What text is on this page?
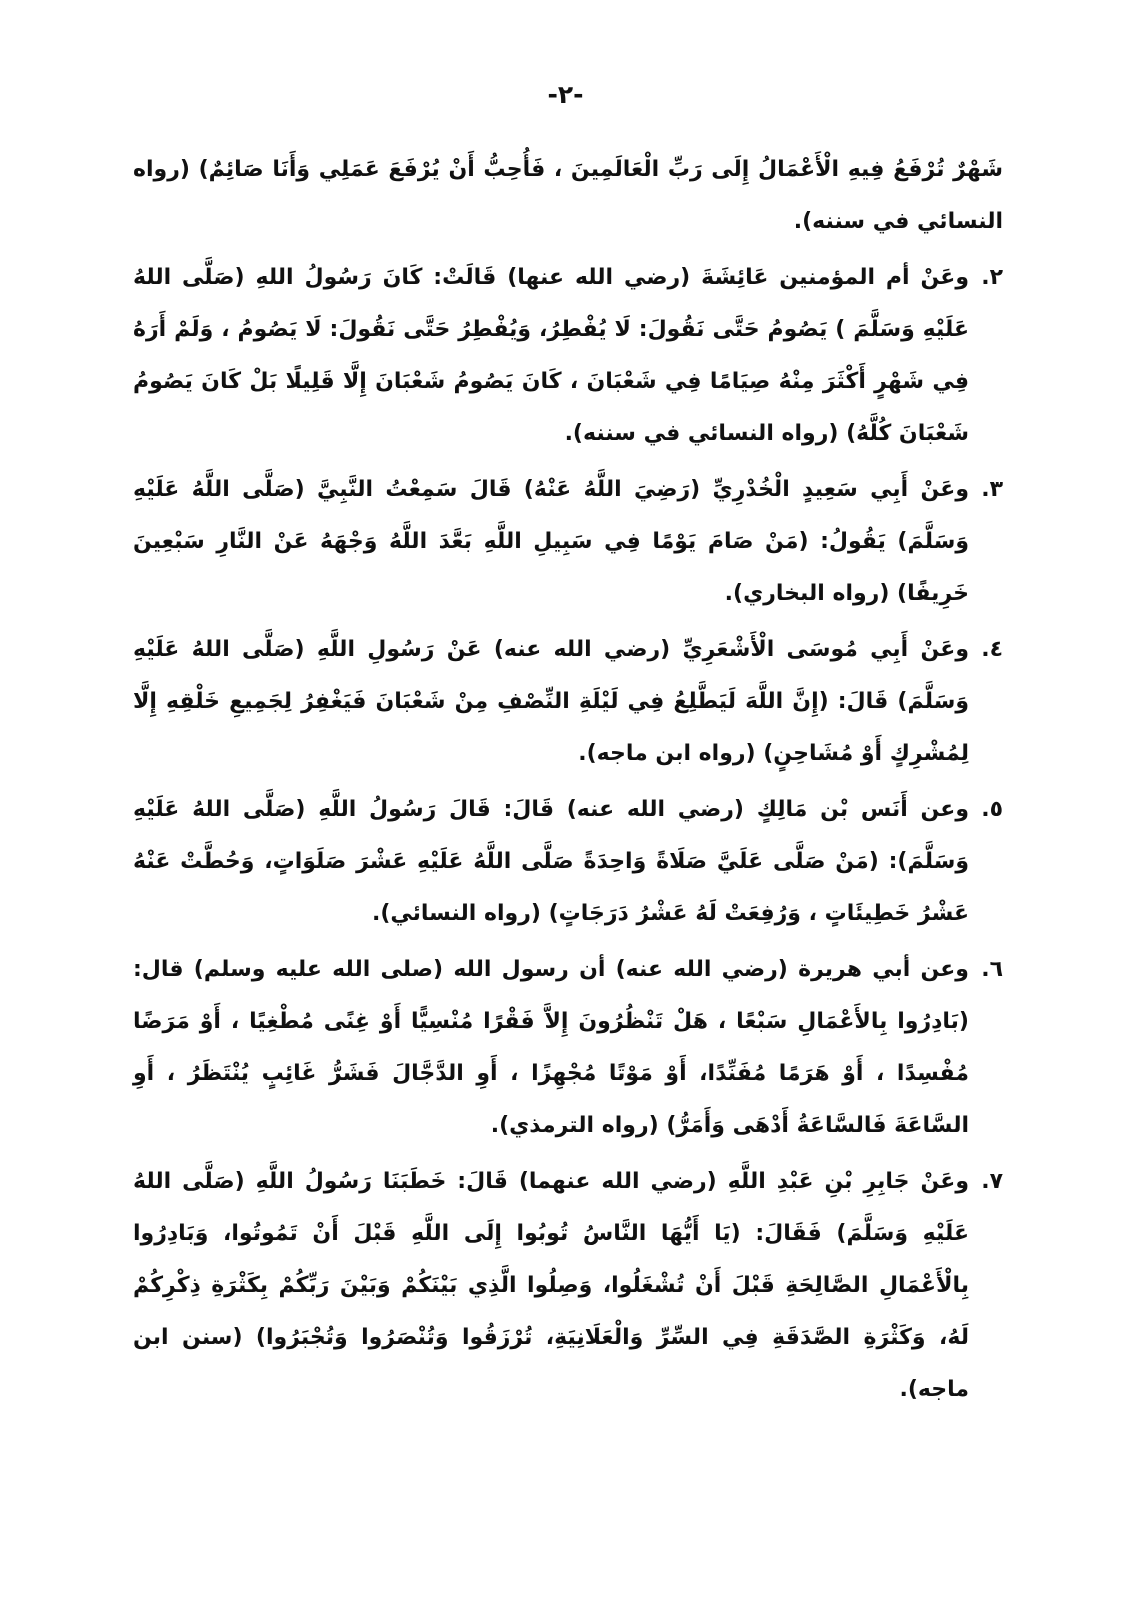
-٢-

شَهْرٌ تُرْفَعُ فِيهِ الْأَعْمَالُ إِلَى رَبِّ الْعَالَمِينَ ، فَأُحِبُّ أَنْ يُرْفَعَ عَمَلِي وَأَنَا صَائِمٌ) (رواه النسائي في سننه).

٢.
وعَنْ أم المؤمنين عَائِشَةَ (رضي الله عنها) قَالَتْ: كَانَ رَسُولُ اللهِ (صَلَّى اللهُ عَلَيْهِ وَسَلَّمَ ) يَصُومُ حَتَّى نَقُولَ: لَا يُفْطِرُ، وَيُفْطِرُ حَتَّى نَقُولَ: لَا يَصُومُ ، وَلَمْ أَرَهُ فِي شَهْرٍ أَكْثَرَ مِنْهُ صِيَامًا فِي شَعْبَانَ ، كَانَ يَصُومُ شَعْبَانَ إِلَّا قَلِيلًا بَلْ كَانَ يَصُومُ شَعْبَانَ كُلَّهُ) (رواه النسائي في سننه).
٣.
وعَنْ أَبِي سَعِيدٍ الْخُدْرِيِّ (رَضِيَ اللَّهُ عَنْهُ) قَالَ سَمِعْتُ النَّبِيَّ (صَلَّى اللَّهُ عَلَيْهِ وَسَلَّمَ) يَقُولُ: (مَنْ صَامَ يَوْمًا فِي سَبِيلِ اللَّهِ بَعَّدَ اللَّهُ وَجْهَهُ عَنْ النَّارِ سَبْعِينَ خَرِيفًا) (رواه البخاري).
٤.
وعَنْ أَبِي مُوسَى الْأَشْعَرِيِّ (رضي الله عنه) عَنْ رَسُولِ اللَّهِ (صَلَّى اللهُ عَلَيْهِ وَسَلَّمَ) قَالَ: (إِنَّ اللَّهَ لَيَطَّلِعُ فِي لَيْلَةِ النِّصْفِ مِنْ شَعْبَانَ فَيَغْفِرُ لِجَمِيعِ خَلْقِهِ إِلَّا لِمُشْرِكٍ أَوْ مُشَاحِنٍ) (رواه ابن ماجه).
٥.
وعن أَنَس بْن مَالِكٍ (رضي الله عنه) قَالَ: قَالَ رَسُولُ اللَّهِ (صَلَّى اللهُ عَلَيْهِ وَسَلَّمَ): (مَنْ صَلَّى عَلَيَّ صَلَاةً وَاحِدَةً صَلَّى اللَّهُ عَلَيْهِ عَشْرَ صَلَوَاتٍ، وَحُطَّتْ عَنْهُ عَشْرُ خَطِيئَاتٍ ، وَرُفِعَتْ لَهُ عَشْرُ دَرَجَاتٍ) (رواه النسائي).
٦.
وعن أبي هريرة (رضي الله عنه) أن رسول الله (صلى الله عليه وسلم) قال: (بَادِرُوا بِالأَعْمَالِ سَبْعًا ، هَلْ تَنْظُرُونَ إِلاَّ فَقْرًا مُنْسِيًّا أَوْ غِنًى مُطْغِيًا ، أَوْ مَرَضًا مُفْسِدًا ، أَوْ هَرَمًا مُفَنِّدًا، أَوْ مَوْتًا مُجْهِزًا ، أَوِ الدَّجَّالَ فَشَرُّ غَائِبٍ يُنْتَظَرُ ، أَوِ السَّاعَةَ فَالسَّاعَةُ أَدْهَى وَأَمَرُّ) (رواه الترمذي).
٧.
وعَنْ جَابِرِ بْنِ عَبْدِ اللَّهِ (رضي الله عنهما) قَالَ: خَطَبَنَا رَسُولُ اللَّهِ (صَلَّى اللهُ عَلَيْهِ وَسَلَّمَ) فَقَالَ: (يَا أَيُّهَا النَّاسُ تُوبُوا إِلَى اللَّهِ قَبْلَ أَنْ تَمُوتُوا، وَبَادِرُوا بِالْأَعْمَالِ الصَّالِحَةِ قَبْلَ أَنْ تُشْغَلُوا، وَصِلُوا الَّذِي بَيْنَكُمْ وَبَيْنَ رَبِّكُمْ بِكَثْرَةِ ذِكْرِكُمْ لَهُ، وَكَثْرَةِ الصَّدَقَةِ فِي السِّرِّ وَالْعَلَانِيَةِ، تُرْزَقُوا وَتُنْصَرُوا وَتُجْبَرُوا) (سنن ابن ماجه).
